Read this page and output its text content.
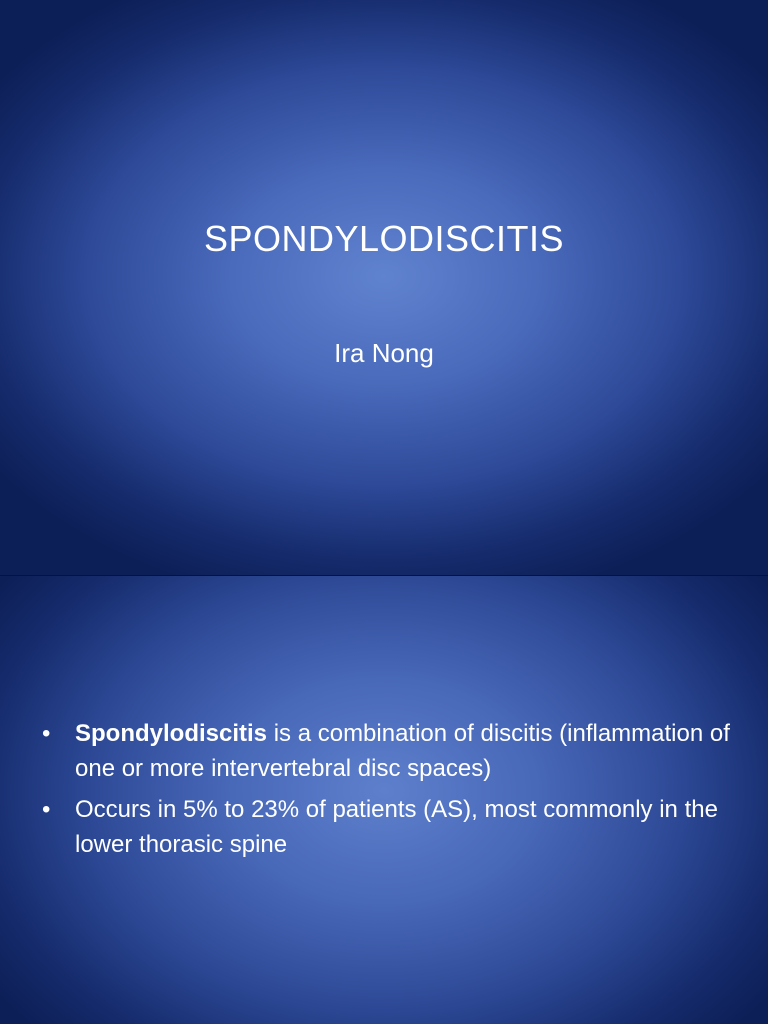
SPONDYLODISCITIS
Ira Nong
• Spondylodiscitis is a combination of discitis (inflammation of one or more intervertebral disc spaces)
• Occurs in 5% to 23% of patients (AS), most commonly in the lower thorasic spine
